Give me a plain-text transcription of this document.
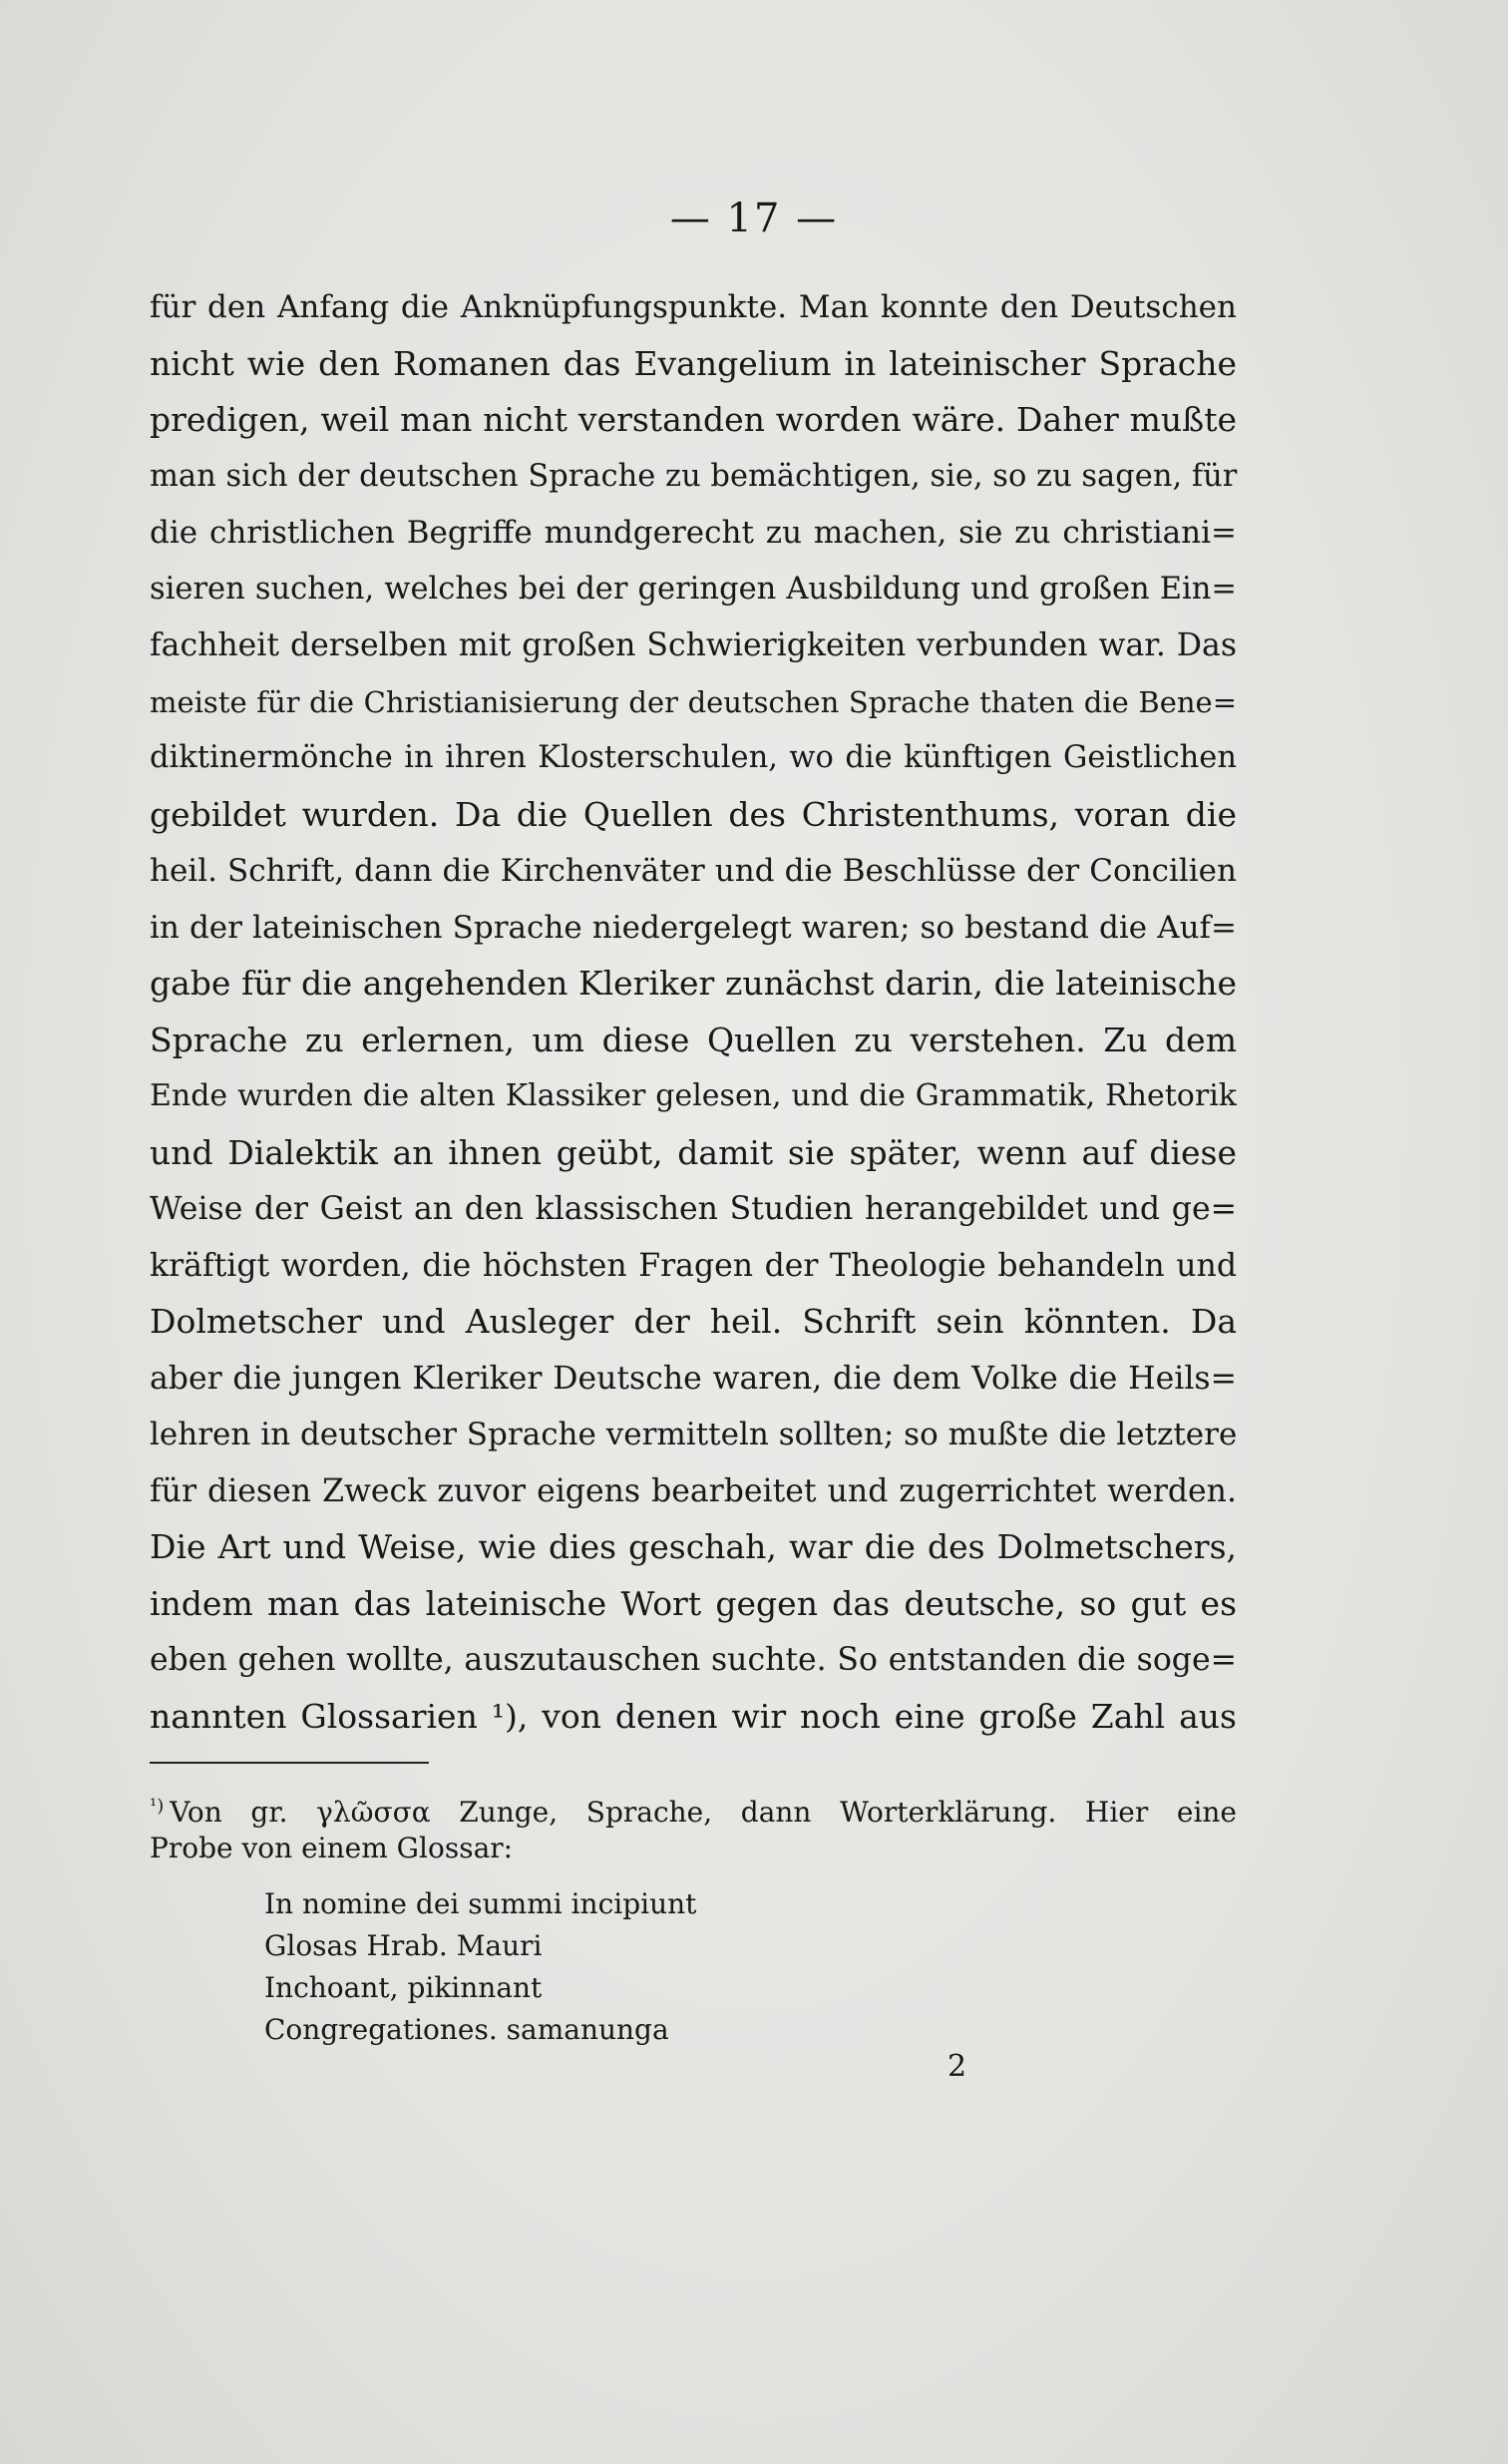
— 17 —
für den Anfang die Anknüpfungspunkte. Man konnte den Deutschen
nicht wie den Romanen das Evangelium in lateinischer Sprache
predigen, weil man nicht verstanden worden wäre. Daher mußte
man sich der deutschen Sprache zu bemächtigen, sie, so zu sagen, für
die christlichen Begriffe mundgerecht zu machen, sie zu christiani=
sieren suchen, welches bei der geringen Ausbildung und großen Ein=
fachheit derselben mit großen Schwierigkeiten verbunden war. Das
meiste für die Christianisierung der deutschen Sprache thaten die Bene=
diktinermönche in ihren Klosterschulen, wo die künftigen Geistlichen
gebildet wurden. Da die Quellen des Christenthums, voran die
heil. Schrift, dann die Kirchenväter und die Beschlüsse der Concilien
in der lateinischen Sprache niedergelegt waren; so bestand die Auf=
gabe für die angehenden Kleriker zunächst darin, die lateinische
Sprache zu erlernen, um diese Quellen zu verstehen. Zu dem
Ende wurden die alten Klassiker gelesen, und die Grammatik, Rhetorik
und Dialektik an ihnen geübt, damit sie später, wenn auf diese
Weise der Geist an den klassischen Studien herangebildet und ge=
kräftigt worden, die höchsten Fragen der Theologie behandeln und
Dolmetscher und Ausleger der heil. Schrift sein könnten. Da
aber die jungen Kleriker Deutsche waren, die dem Volke die Heils=
lehren in deutscher Sprache vermitteln sollten; so mußte die letztere
für diesen Zweck zuvor eigens bearbeitet und zugerrichtet werden.
Die Art und Weise, wie dies geschah, war die des Dolmetschers,
indem man das lateinische Wort gegen das deutsche, so gut es
eben gehen wollte, auszutauschen suchte. So entstanden die soge=
nannten Glossarien ¹), von denen wir noch eine große Zahl aus
$^{^1)}$ Von gr. γλῶσσα Zunge, Sprache, dann Worterklärung. Hier eine
Probe von einem Glossar:
In nomine dei summi incipiunt
Glosas Hrab. Mauri
Inchoant, pikinnant
Congregationes. samanunga
2
